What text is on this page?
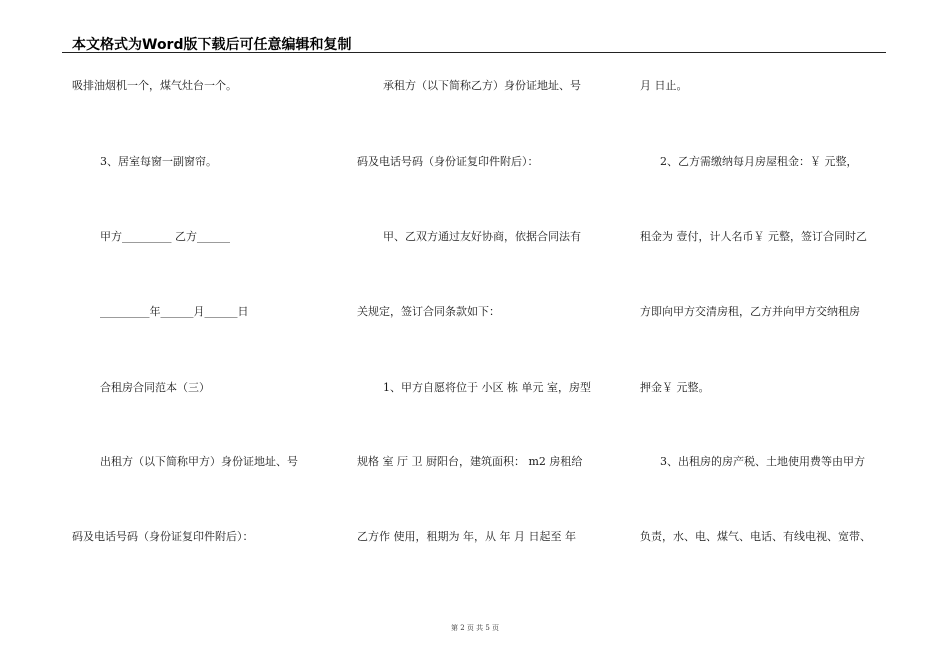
本文格式为Word版下载后可任意编辑和复制
吸排油烟机一个，煤气灶台一个。
3、居室每窗一副窗帘。
甲方_________ 乙方______
_________年______月______日
合租房合同范本（三）
出租方（以下简称甲方）身份证地址、号
码及电话号码（身份证复印件附后）：
承租方（以下简称乙方）身份证地址、号
码及电话号码（身份证复印件附后）：
甲、乙双方通过友好协商，依据合同法有
关规定，签订合同条款如下：
1、甲方自愿将位于 小区 栋 单元 室，房型
规格 室 厅 卫 厨阳台，建筑面积： m2 房租给
乙方作 使用，租期为 年，从 年 月 日起至 年
月 日止。
2、乙方需缴纳每月房屋租金：￥ 元整，
租金为 壹付，计人名币￥ 元整，签订合同时乙
方即向甲方交清房租，乙方并向甲方交纳租房
押金￥ 元整。
3、出租房的房产税、土地使用费等由甲方
负责，水、电、煤气、电话、有线电视、宽带、
第 2 页 共 5 页
